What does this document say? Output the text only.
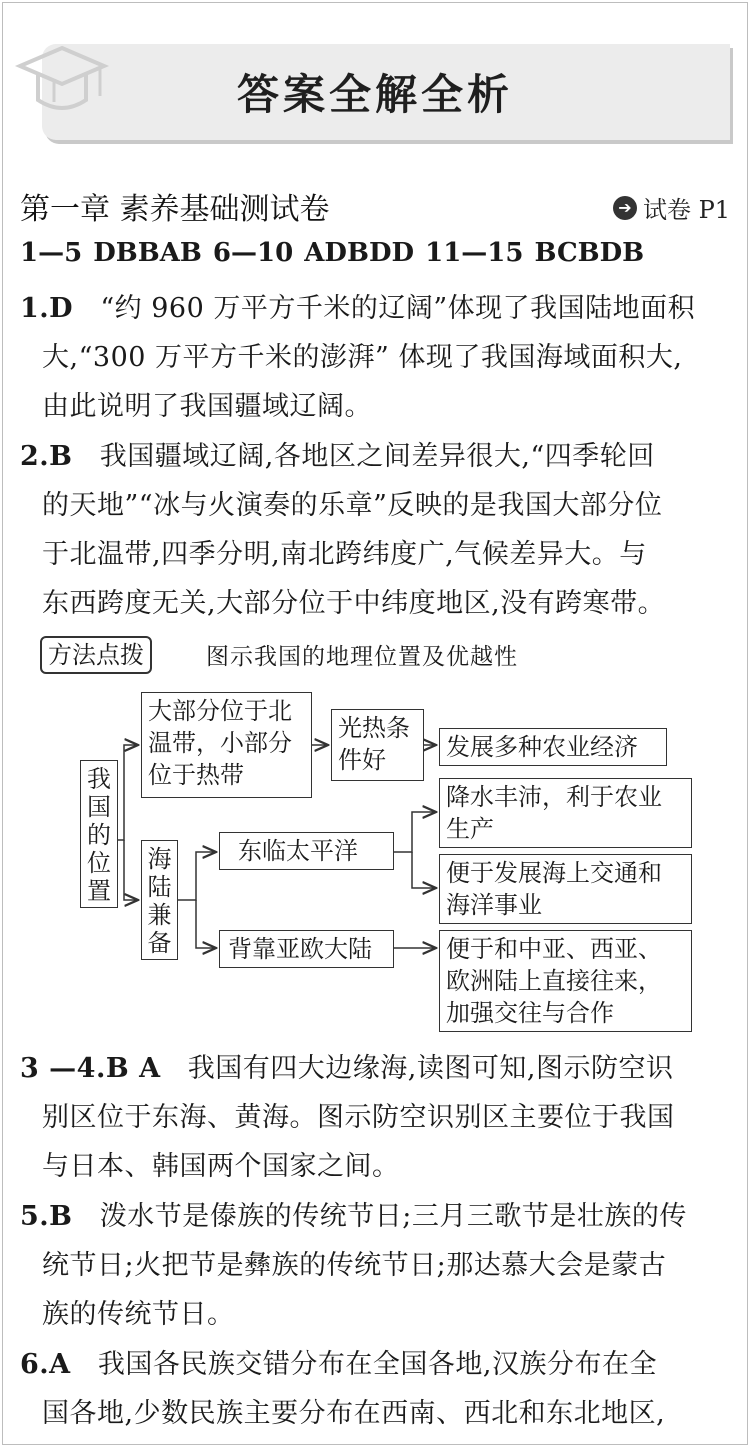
答案全解全析
第一章 素养基础测试卷	➔ 试卷 P1
1—5 DBBAB 6—10 ADBDD 11—15 BCBDB
1.D “约 960 万平方千米的辽阔”体现了我国陆地面积
大,“300 万平方千米的澎湃” 体现了我国海域面积大,
由此说明了我国疆域辽阔。
2.B 我国疆域辽阔,各地区之间差异很大,“四季轮回
的天地”“冰与火演奏的乐章”反映的是我国大部分位
于北温带,四季分明,南北跨纬度广,气候差异大。与
东西跨度无关,大部分位于中纬度地区,没有跨寒带。
方法点拨	图示我国的地理位置及优越性
我国的位置
大部分位于北温带，小部分位于热带
光热条件好	发展多种农业经济
海陆兼备
东临太平洋
降水丰沛，利于农业生产
便于发展海上交通和海洋事业
背靠亚欧大陆	便于和中亚、西亚、欧洲陆上直接往来，加强交往与合作
3 —4.B A 我国有四大边缘海,读图可知,图示防空识
别区位于东海、黄海。图示防空识别区主要位于我国
与日本、韩国两个国家之间。
5.B 泼水节是傣族的传统节日;三月三歌节是壮族的传
统节日;火把节是彝族的传统节日;那达慕大会是蒙古
族的传统节日。
6.A 我国各民族交错分布在全国各地,汉族分布在全
国各地,少数民族主要分布在西南、西北和东北地区,
